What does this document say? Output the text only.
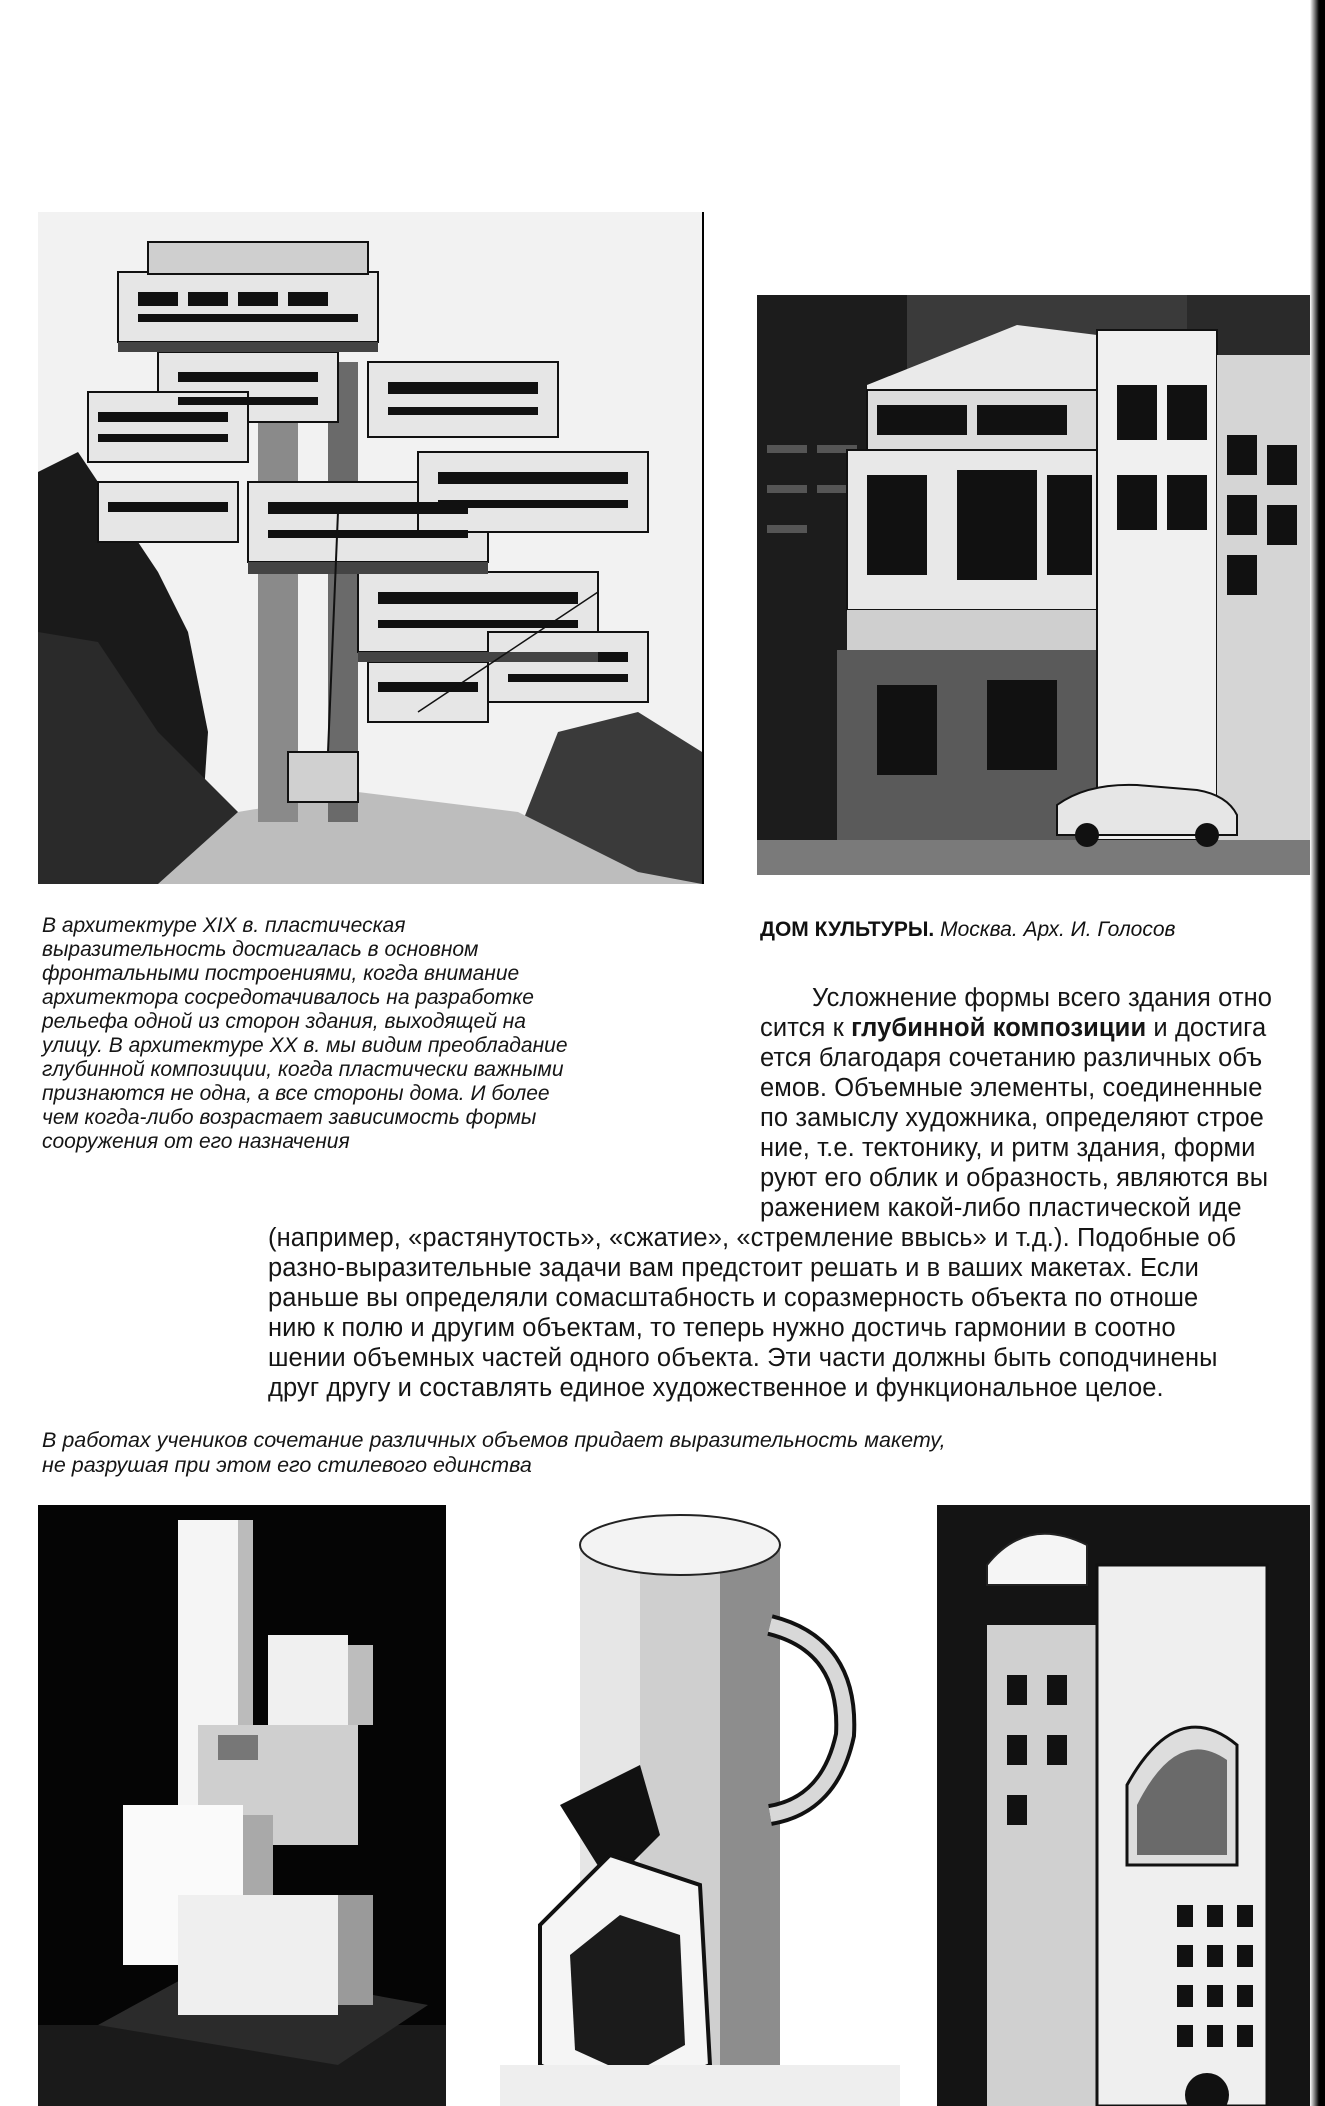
В архитектуре XIX в. пластическая
выразительность достигалась в основном
фронтальными построениями, когда внимание
архитектора сосредотачивалось на разработке
рельефа одной из сторон здания, выходящей на
улицу. В архитектуре XX в. мы видим преобладание
глубинной композиции, когда пластически важными
признаются не одна, а все стороны дома. И более
чем когда-либо возрастает зависимость формы
сооружения от его назначения
ДОМ КУЛЬТУРЫ. Москва. Арх. И. Голосов
Усложнение формы всего здания отно
сится к глубинной композиции и достига
ется благодаря сочетанию различных объ
емов. Объемные элементы, соединенные
по замыслу художника, определяют строе
ние, т.е. тектонику, и ритм здания, форми
руют его облик и образность, являются вы
ражением какой-либо пластической иде
(например, «растянутость», «сжатие», «стремление ввысь» и т.д.). Подобные об
разно-выразительные задачи вам предстоит решать и в ваших макетах. Если
раньше вы определяли сомасштабность и соразмерность объекта по отноше
нию к полю и другим объектам, то теперь нужно достичь гармонии в соотно
шении объемных частей одного объекта. Эти части должны быть соподчинены
друг другу и составлять единое художественное и функциональное целое.
В работах учеников сочетание различных объемов придает выразительность макету,
не разрушая при этом его стилевого единства
